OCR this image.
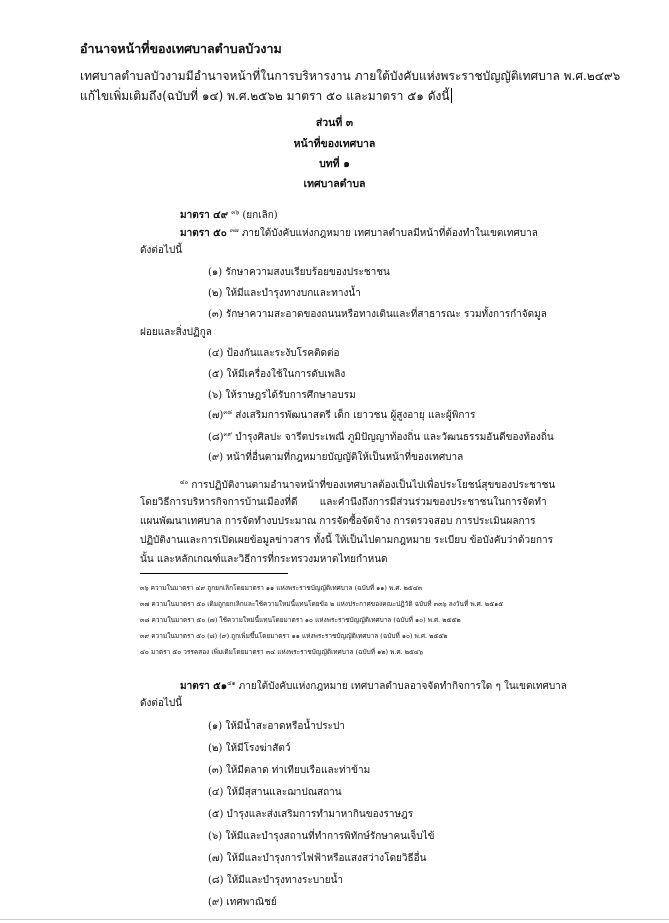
อำนาจหน้าที่ของเทศบาลตำบลบัวงาม
เทศบาลตำบลบัวงามมีอำนาจหน้าที่ในการบริหารงาน ภายใต้บังคับแห่งพระราชบัญญัติเทศบาล พ.ศ.๒๔๙๖
แก้ไขเพิ่มเติมถึง(ฉบับที่ ๑๔) พ.ศ.๒๕๖๒ มาตรา ๕๐ และมาตรา ๕๑ ดังนี้
ส่วนที่ ๓
หน้าที่ของเทศบาล
บทที่ ๑
เทศบาลตำบล
มาตรา ๔๙ $^{๓๖}$ (ยกเลิก)
มาตรา ๕๐ $^{๓๗}$ ภายใต้บังคับแห่งกฎหมาย เทศบาลตำบลมีหน้าที่ต้องทำในเขตเทศบาล
ดังต่อไปนี้
(๑) รักษาความสงบเรียบร้อยของประชาชน
(๒) ให้มีและบำรุงทางบกและทางน้ำ
(๓) รักษาความสะอาดของถนนหรือทางเดินและที่สาธารณะ รวมทั้งการกำจัดมูล
ฝอยและสิ่งปฏิกูล
(๔) ป้องกันและระงับโรคติดต่อ
(๕) ให้มีเครื่องใช้ในการดับเพลิง
(๖) ให้ราษฎรได้รับการศึกษาอบรม
(๗)$^{๓๘}$ ส่งเสริมการพัฒนาสตรี เด็ก เยาวชน ผู้สูงอายุ และผู้พิการ
(๘)$^{๓๙}$ บำรุงศิลปะ จารีตประเพณี ภูมิปัญญาท้องถิ่น และวัฒนธรรมอันดีของท้องถิ่น
(๙) หน้าที่อื่นตามที่กฎหมายบัญญัติให้เป็นหน้าที่ของเทศบาล
$^{๔๐}$ การปฏิบัติงานตามอำนาจหน้าที่ของเทศบาลต้องเป็นไปเพื่อประโยชน์สุขของประชาชน
โดยวิธีการบริหารกิจการบ้านเมืองที่ดี       และคำนึงถึงการมีส่วนร่วมของประชาชนในการจัดทำ
แผนพัฒนาเทศบาล การจัดทำงบประมาณ การจัดซื้อจัดจ้าง การตรวจสอบ การประเมินผลการ
ปฏิบัติงานและการเปิดเผยข้อมูลข่าวสาร ทั้งนี้ ให้เป็นไปตามกฎหมาย ระเบียบ ข้อบังคับว่าด้วยการ
นั้น และหลักเกณฑ์และวิธีการที่กระทรวงมหาดไทยกำหนด
๓๖ ความในมาตรา ๔๙ ถูกยกเลิกโดยมาตรา ๑๑ แห่งพระราชบัญญัติเทศบาล (ฉบับที่ ๑๑) พ.ศ. ๒๕๔๓
๓๗ ความในมาตรา ๕๐ เดิมถูกยกเลิกและใช้ความใหม่นี้แทนโดยข้อ ๒ แห่งประกาศของคณะปฏิวัติ ฉบับที่ ๓๓๖ ลงวันที่ พ.ศ. ๒๕๑๕
๓๘ ความในมาตรา ๕๐ (๗) ใช้ความใหม่นี้แทนโดยมาตรา ๑๐ แห่งพระราชบัญญัติเทศบาล (ฉบับที่ ๑๐) พ.ศ. ๒๕๕๒
๓๙ ความในมาตรา ๕๐ (๘) (๙) ถูกเพิ่มขึ้นโดยมาตรา ๑๑ แห่งพระราชบัญญัติเทศบาล (ฉบับที่ ๑๐) พ.ศ. ๒๕๕๒
๔๐ มาตรา ๕๐ วรรคสอง เพิ่มเติมโดยมาตรา ๓๔ แห่งพระราชบัญญัติเทศบาล (ฉบับที่ ๑๒) พ.ศ. ๒๕๔๖
มาตรา ๕๑$^{๔๑}$ ภายใต้บังคับแห่งกฎหมาย เทศบาลตำบลอาจจัดทำกิจการใด ๆ ในเขตเทศบาล
ดังต่อไปนี้
(๑) ให้มีน้ำสะอาดหรือน้ำประปา
(๒) ให้มีโรงฆ่าสัตว์
(๓) ให้มีตลาด ท่าเทียบเรือและท่าข้าม
(๔) ให้มีสุสานและฌาปณสถาน
(๕) บำรุงและส่งเสริมการทำมาหากินของราษฎร
(๖) ให้มีและบำรุงสถานที่ทำการพิทักษ์รักษาคนเจ็บไข้
(๗) ให้มีและบำรุงการไฟฟ้าหรือแสงสว่างโดยวิธีอื่น
(๘) ให้มีและบำรุงทางระบายน้ำ
(๙) เทศพาณิชย์
